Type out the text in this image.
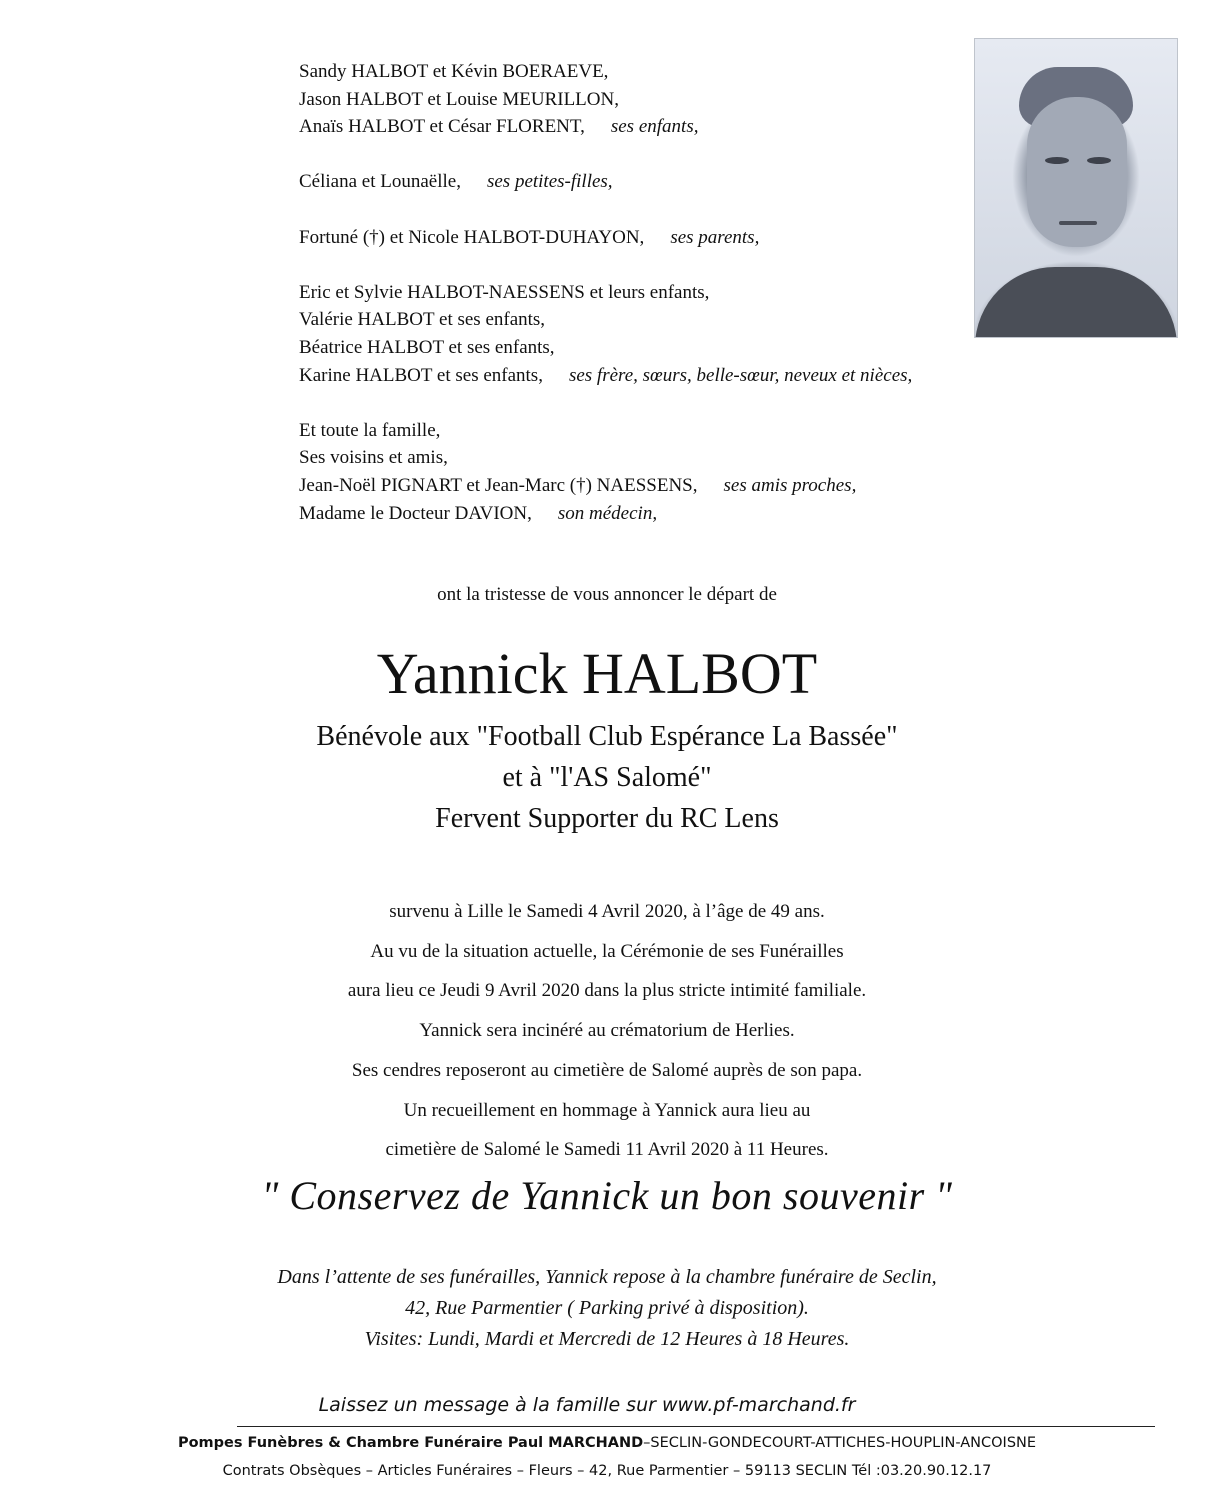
Sandy HALBOT et Kévin BOERAEVE,
Jason HALBOT et Louise MEURILLON,
Anaïs HALBOT et César FLORENT, ses enfants,
Céliana et Lounaëlle, ses petites-filles,
Fortuné (†) et Nicole HALBOT-DUHAYON, ses parents,
Eric et Sylvie HALBOT-NAESSENS et leurs enfants,
Valérie HALBOT et ses enfants,
Béatrice HALBOT et ses enfants,
Karine HALBOT et ses enfants, ses frère, sœurs, belle-sœur, neveux et nièces,
Et toute la famille,
Ses voisins et amis,
Jean-Noël PIGNART et Jean-Marc (†) NAESSENS, ses amis proches,
Madame le Docteur DAVION, son médecin,
ont la tristesse de vous annoncer le départ de
Yannick HALBOT
Bénévole aux "Football Club Espérance La Bassée"
et à "l'AS Salomé"
Fervent Supporter du RC Lens
survenu à Lille le Samedi 4 Avril 2020, à l’âge de 49 ans.
Au vu de la situation actuelle, la Cérémonie de ses Funérailles
aura lieu ce Jeudi 9 Avril 2020 dans la plus stricte intimité familiale.
Yannick sera incinéré au crématorium de Herlies.
Ses cendres reposeront au cimetière de Salomé auprès de son papa.
Un recueillement en hommage à Yannick aura lieu au
cimetière de Salomé le Samedi 11 Avril 2020 à 11 Heures.
" Conservez de Yannick un bon souvenir "
Dans l’attente de ses funérailles, Yannick repose à la chambre funéraire de Seclin,
42, Rue Parmentier ( Parking privé à disposition).
Visites: Lundi, Mardi et Mercredi de 12 Heures à 18 Heures.
Laissez un message à la famille sur www.pf-marchand.fr
Pompes Funèbres & Chambre Funéraire Paul MARCHAND–SECLIN-GONDECOURT-ATTICHES-HOUPLIN-ANCOISNE
Contrats Obsèques – Articles Funéraires – Fleurs – 42, Rue Parmentier – 59113 SECLIN Tél :03.20.90.12.17
